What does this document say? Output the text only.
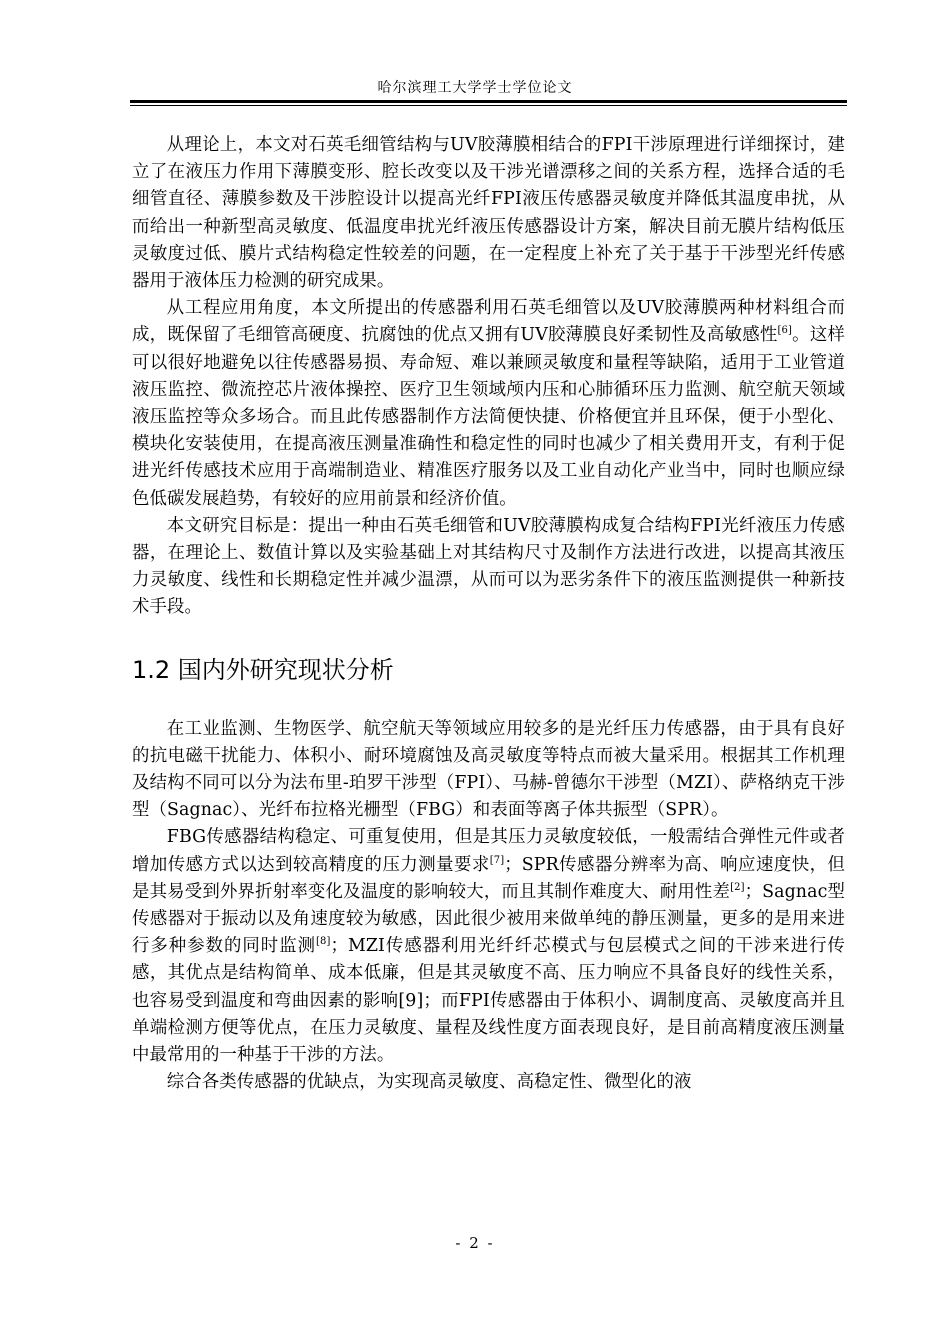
哈尔滨理工大学学士学位论文

从理论上，本文对石英毛细管结构与UV胶薄膜相结合的FPI干涉原理进行详细探讨，建立了在液压力作用下薄膜变形、腔长改变以及干涉光谱漂移之间的关系方程，选择合适的毛细管直径、薄膜参数及干涉腔设计以提高光纤FPI液压传感器灵敏度并降低其温度串扰，从而给出一种新型高灵敏度、低温度串扰光纤液压传感器设计方案，解决目前无膜片结构低压灵敏度过低、膜片式结构稳定性较差的问题，在一定程度上补充了关于基于干涉型光纤传感器用于液体压力检测的研究成果。

从工程应用角度，本文所提出的传感器利用石英毛细管以及UV胶薄膜两种材料组合而成，既保留了毛细管高硬度、抗腐蚀的优点又拥有UV胶薄膜良好柔韧性及高敏感性[6]。这样可以很好地避免以往传感器易损、寿命短、难以兼顾灵敏度和量程等缺陷，适用于工业管道液压监控、微流控芯片液体操控、医疗卫生领域颅内压和心肺循环压力监测、航空航天领域液压监控等众多场合。而且此传感器制作方法简便快捷、价格便宜并且环保，便于小型化、模块化安装使用，在提高液压测量准确性和稳定性的同时也减少了相关费用开支，有利于促进光纤传感技术应用于高端制造业、精准医疗服务以及工业自动化产业当中，同时也顺应绿色低碳发展趋势，有较好的应用前景和经济价值。

本文研究目标是：提出一种由石英毛细管和UV胶薄膜构成复合结构FPI光纤液压力传感器，在理论上、数值计算以及实验基础上对其结构尺寸及制作方法进行改进，以提高其液压力灵敏度、线性和长期稳定性并减少温漂，从而可以为恶劣条件下的液压监测提供一种新技术手段。

1.2 国内外研究现状分析

在工业监测、生物医学、航空航天等领域应用较多的是光纤压力传感器，由于具有良好的抗电磁干扰能力、体积小、耐环境腐蚀及高灵敏度等特点而被大量采用。根据其工作机理及结构不同可以分为法布里-珀罗干涉型（FPI）、马赫-曾德尔干涉型（MZI）、萨格纳克干涉型（Sagnac）、光纤布拉格光栅型（FBG）和表面等离子体共振型（SPR）。

FBG传感器结构稳定、可重复使用，但是其压力灵敏度较低，一般需结合弹性元件或者增加传感方式以达到较高精度的压力测量要求[7]；SPR传感器分辨率为高、响应速度快，但是其易受到外界折射率变化及温度的影响较大，而且其制作难度大、耐用性差[2]；Sagnac型传感器对于振动以及角速度较为敏感，因此很少被用来做单纯的静压测量，更多的是用来进行多种参数的同时监测[8]；MZI传感器利用光纤纤芯模式与包层模式之间的干涉来进行传感，其优点是结构简单、成本低廉，但是其灵敏度不高、压力响应不具备良好的线性关系，也容易受到温度和弯曲因素的影响[9]；而FPI传感器由于体积小、调制度高、灵敏度高并且单端检测方便等优点，在压力灵敏度、量程及线性度方面表现良好，是目前高精度液压测量中最常用的一种基于干涉的方法。

综合各类传感器的优缺点，为实现高灵敏度、高稳定性、微型化的液

- 2 -
